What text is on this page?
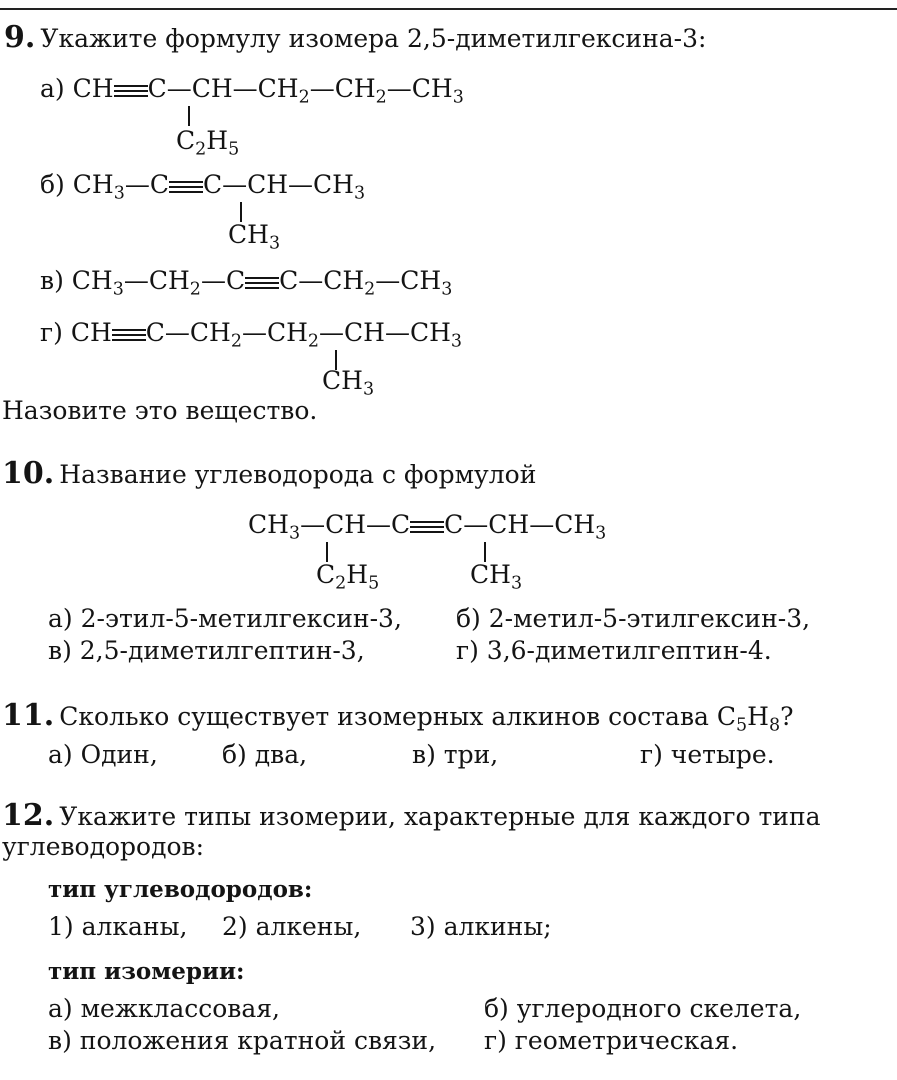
9. Укажите формулу изомера 2,5-диметилгексина-3:
а) CH $C—CH—CH_2—CH_2—CH_3$
$C_2H_5$
б) $CH_3—C$ $C—CH—CH_3$
$CH_3$
в) $CH_3—CH_2—C$ $C—CH_2—CH_3$
г) CH $C—CH_2—CH_2—CH—CH_3$
$CH_3$
Назовите это вещество.
10. Название углеводорода с формулой
$CH_3—CH—C$ $C—CH—CH_3$
$C_2H_5$	$CH_3$
а) 2-этил-5-метилгексин-3, б) 2-метил-5-этилгексин-3,
в) 2,5-диметилгептин-3,	г) 3,6-диметилгептин-4.
11. Сколько существует изомерных алкинов состава $C_5H_8$?
а) Один,	б) два,	в) три,	г) четыре.
12. Укажите типы изомерии, характерные для каждого типа
углеводородов:
тип углеводородов:
1) алканы, 2) алкены, 3) алкины;
тип изомерии:
а) межклассовая,	б) углеродного скелета,
в) положения кратной связи, г) геометрическая.
